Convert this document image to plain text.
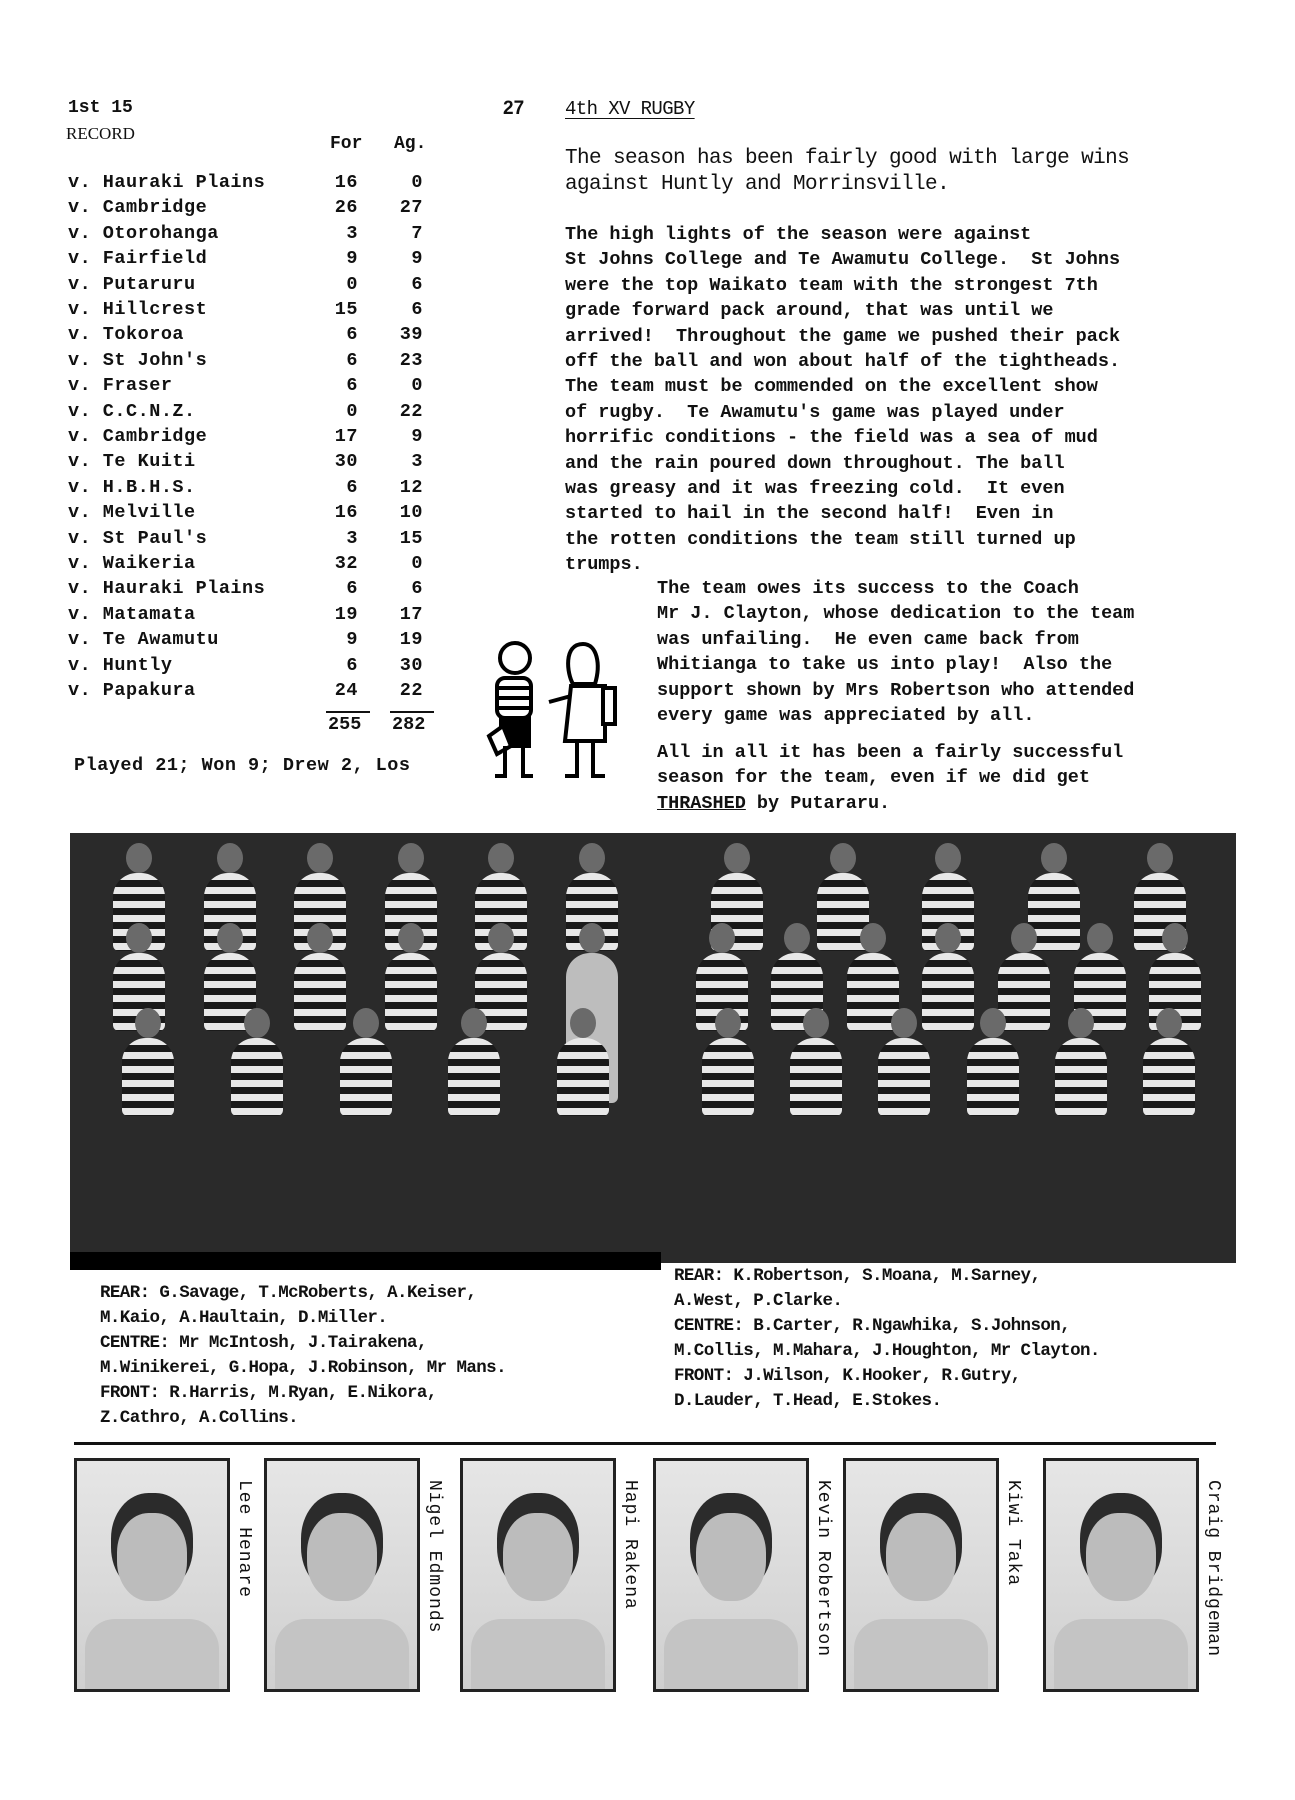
1st 15
RECORD
For Ag.
v. Hauraki Plains	16	0
v. Cambridge	26 27
v. Otorohanga	3	7
v. Fairfield	9	9
v. Putaruru	0	6
v. Hillcrest	15	6
v. Tokoroa	6 39
v. St John's	6 23
v. Fraser	6	0
v. C.C.N.Z.	0 22
v. Cambridge	17	9
v. Te Kuiti	30	3
v. H.B.H.S.	6 12
v. Melville	16 10
v. St Paul's	3 15
v. Waikeria	32	0
v. Hauraki Plains	6	6
v. Matamata	19 17
v. Te Awamutu	9 19
v. Huntly	6 30
v. Papakura	24 22
255 282
Played 21; Won 9; Drew 2, Los
27 4th XV RUGBY
The season has been fairly good with large wins
against Huntly and Morrinsville.
The high lights of the season were against
St Johns College and Te Awamutu College.  St Johns
were the top Waikato team with the strongest 7th
grade forward pack around, that was until we
arrived!  Throughout the game we pushed their pack
off the ball and won about half of the tightheads.
The team must be commended on the excellent show
of rugby.  Te Awamutu's game was played under
horrific conditions - the field was a sea of mud
and the rain poured down throughout. The ball
was greasy and it was freezing cold.  It even
started to hail in the second half!  Even in
the rotten conditions the team still turned up
trumps.
The team owes its success to the Coach
Mr J. Clayton, whose dedication to the team
was unfailing.  He even came back from
Whitianga to take us into play!  Also the
support shown by Mrs Robertson who attended
every game was appreciated by all.
All in all it has been a fairly successful
season for the team, even if we did get
THRASHED by Putararu.
REAR: G.Savage, T.McRoberts, A.Keiser,
M.Kaio, A.Haultain, D.Miller.
CENTRE: Mr McIntosh, J.Tairakena,
M.Winikerei, G.Hopa, J.Robinson, Mr Mans.
FRONT: R.Harris, M.Ryan, E.Nikora,
Z.Cathro, A.Collins.
REAR: K.Robertson, S.Moana, M.Sarney,
A.West, P.Clarke.
CENTRE: B.Carter, R.Ngawhika, S.Johnson,
M.Collis, M.Mahara, J.Houghton, Mr Clayton.
FRONT: J.Wilson, K.Hooker, R.Gutry,
D.Lauder, T.Head, E.Stokes.
Lee Henare	Nigel Edmonds	Hapi Rakena	Kevin Robertson	Kiwi Taka	Craig Bridgeman
